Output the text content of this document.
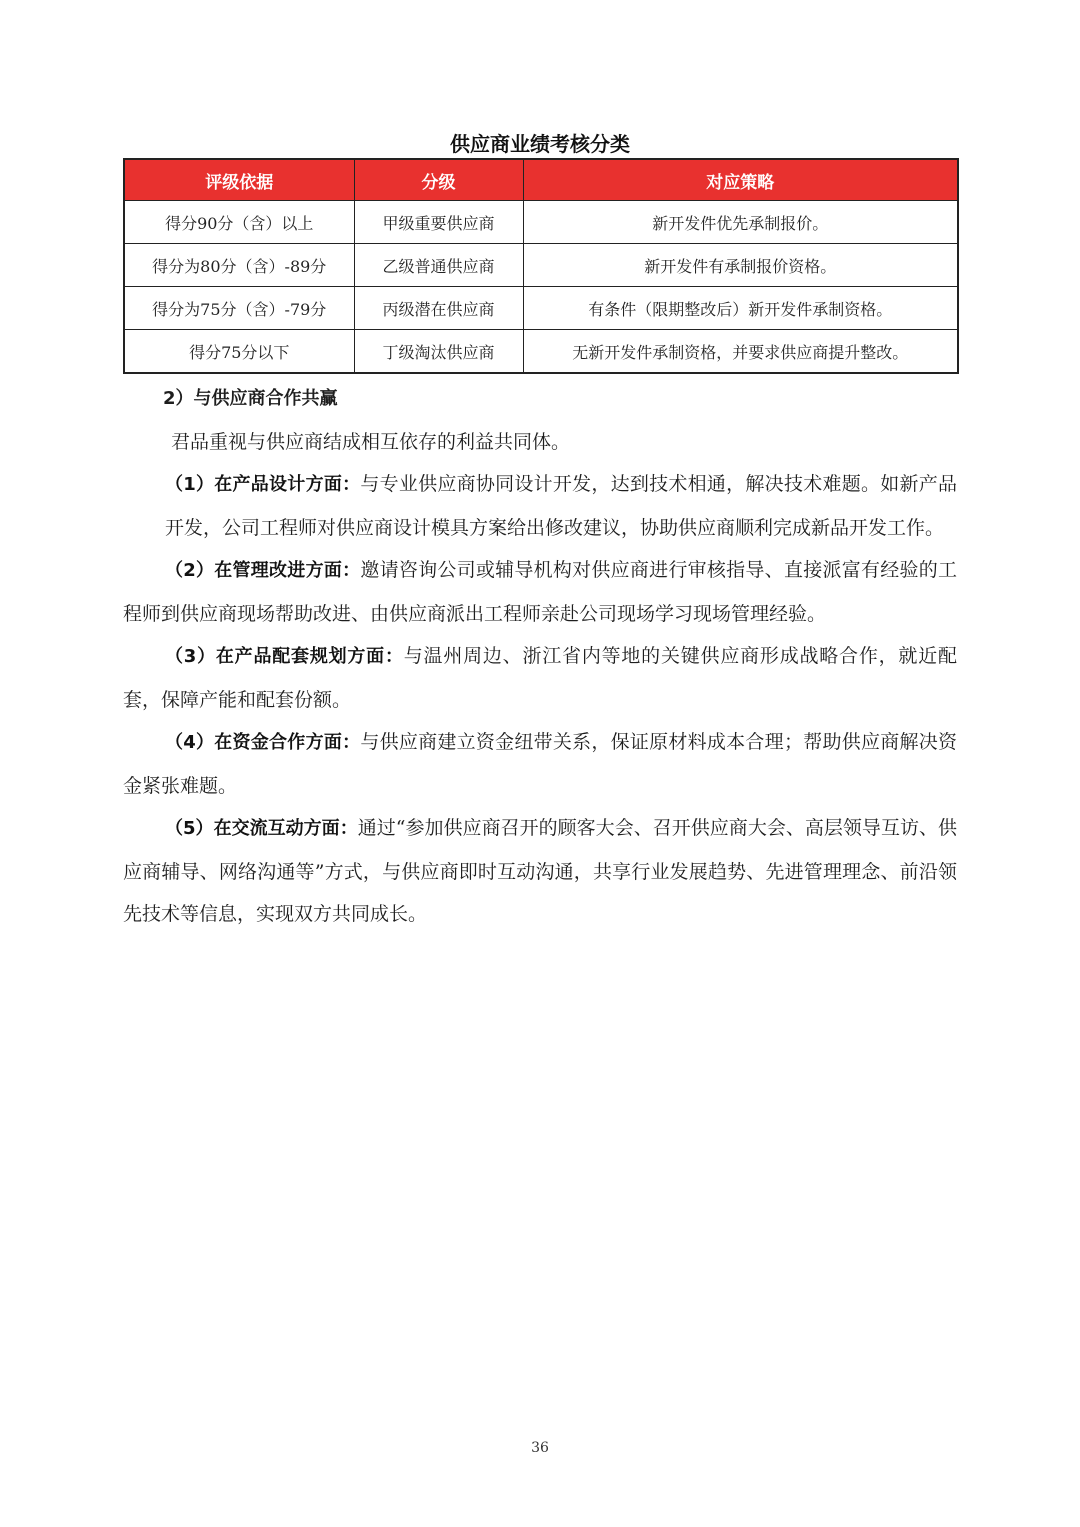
供应商业绩考核分类
评级依据	分级	对应策略
得分90分（含）以上	甲级重要供应商	新开发件优先承制报价。
得分为80分（含）-89分	乙级普通供应商	新开发件有承制报价资格。
得分为75分（含）-79分	丙级潜在供应商	有条件（限期整改后）新开发件承制资格。
得分75分以下	丁级淘汰供应商	无新开发件承制资格，并要求供应商提升整改。

2）与供应商合作共赢

君品重视与供应商结成相互依存的利益共同体。

（1）在产品设计方面：与专业供应商协同设计开发，达到技术相通，解决技术难题。如新产品开发，公司工程师对供应商设计模具方案给出修改建议，协助供应商顺利完成新品开发工作。

（2）在管理改进方面：邀请咨询公司或辅导机构对供应商进行审核指导、直接派富有经验的工程师到供应商现场帮助改进、由供应商派出工程师亲赴公司现场学习现场管理经验。

（3）在产品配套规划方面：与温州周边、浙江省内等地的关键供应商形成战略合作，就近配套，保障产能和配套份额。

（4）在资金合作方面：与供应商建立资金纽带关系，保证原材料成本合理；帮助供应商解决资金紧张难题。

（5）在交流互动方面：通过“参加供应商召开的顾客大会、召开供应商大会、高层领导互访、供应商辅导、网络沟通等”方式，与供应商即时互动沟通，共享行业发展趋势、先进管理理念、前沿领先技术等信息，实现双方共同成长。

36
